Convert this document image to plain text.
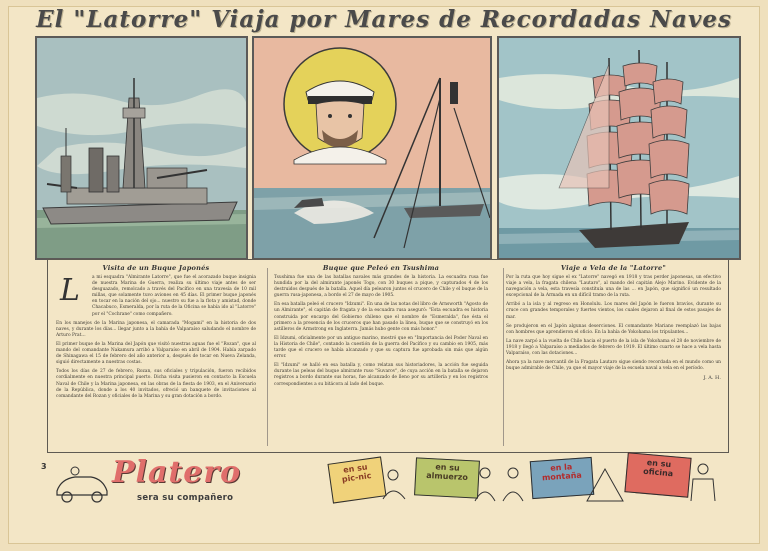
El "Latorre" Viaja por Mares de Recordadas Naves
Visita de un Buque Japonés
L	a mi esquadra "Almirante Latorre", que fue el acorazado buque insignia de nuestra Marina de Guerra, realiza su último viaje antes de ser desguazado, remolcado a través del Pacífico en una travesía de 10 mil millas, que solamente tuvo aviones en 45 días. El primer buque japonés en tocar en la nación del ojo... nuestro su fue a la flota y amistad, donde Chacabuco, Esmeralda, por la ruta de la Oficina se había ido al "Latorre" por el "Cochrane" como compañero.

En los manejos de la Marina japonesa, el camarada "Mogami" en la historia de dos naves, y durante los días... llegar junto a la bahía de Valparaíso saludando el nombre de Arturo Prat...

El primer buque de la Marina del Japón que visitó nuestras aguas fue el "Rozan", que al mando del comandante Nakamura arribó a Valparaíso en abril de 1904. Había zarpado de Shinagawa el 15 de febrero del año anterior a, después de tocar en Nueva Zelanda, siguió directamente a nuestras costas.

Todos los días de 27 de febrero, Rozan, sus oficiales y tripulación, fueron recibidos cordialmente en nuestra principal puerto. Dicha visita pusieron en contacto la Escuela Naval de Chile y la Marina japonesa, en las obras de la fiesta de 1903, en el Aniversario de la República, donde a los 40 invitados, ofreció un banquete de invitaciones al comandante del Rozan y oficiales de la Marina y su gran dotación a bordo.

Buque que Peleó en Tsushima

Tsushima fue una de las batallas navales más grandes de la historia. La escuadra rusa fue hundida por la del almirante japonés Togo, con 30 buques a pique, y capturados 4 de los destruidos después de la batalla. Aquel día pelearon juntos el crucero de Chile y el buque de la guerra rusa-japonesa, a bordo el 27 de mayo de 1905.

En esa batalla peleó el crucero "Idzumi". En una de las notas del libro de Arnsworth "Agosto de un Almirante", el capitán de fragata y de la escuadra rusa aseguró: "Esta escuadra es historia construida por encargo del Gobierno chileno que el nombre de "Esmeralda", fue ésta el primero a la presencia de los cruceros que han pasado la línea, buque que se construyó en los astilleros de Armstrong en Inglaterra. Jamás hubo gente con más honor."

El Idzumi, oficialmente por un antiguo marino, mostró que en "Importancia del Poder Naval en la Historia de Chile", contando la cuestión de la guerra del Pacífico y su cambio en 1905, más tarde que el crucero se había alcanzado y que su captura fue aprobada sin más que algún error.

El "Idzumi" se halló en esa batalla y, como relatan sus historiadores, la acción fue seguida durante las peleas del buque almirante ruso "Suvarov", de cuya acción en la batalla se dejaron registros a bordo durante sus horas, fue alcanzado de lleno por su artillería y en los registros correspondientes a su bitácora al lado del buque.

Viaje a Vela de la "Latorre"

Por la ruta que hoy sigue el ex "Latorre" navegó en 1918 y tras perder japonesas, un efectivo viaje a vela, la fragata chilena "Lautaro", al mando del capitán Alejo Marino. Evidente de la navegación a vela, esta travesía constituía una de las ... en Japón, que significó un resultado excepcional de la Armada en un difícil tramo de la ruta.

Arribó a la isla y al regreso en Honolulu. Los mares del Japón le fueron bravíos, durante su cruce con grandes temporales y fuertes vientos, los cuales dejaron al final de estos pasajes de mar.

Se produjeron en el Japón algunas deserciones. El comandante Mariano reemplazó las bajas con hombres que aprendieron el oficio. En la bahía de Yokohama los tripulantes...

La nave zarpó a la vuelta de Chile hacia el puerto de la isla de Yokohama el 28 de noviembre de 1918 y llegó a Valparaíso a mediados de febrero de 1919. El último cuarto se hace a vela hasta Valparaíso, con las dotaciones...

Ahora ya la nave mercantil de la Fragata Lautaro sigue siendo recordada en el mundo como un buque admirable de Chile, ya que el mayor viaje de la escuela naval a vela en el período.

J. A. H.
3 Platero
sera su compañero
en su pic-nic
en su almuerzo
en la montaña
en su oficina
